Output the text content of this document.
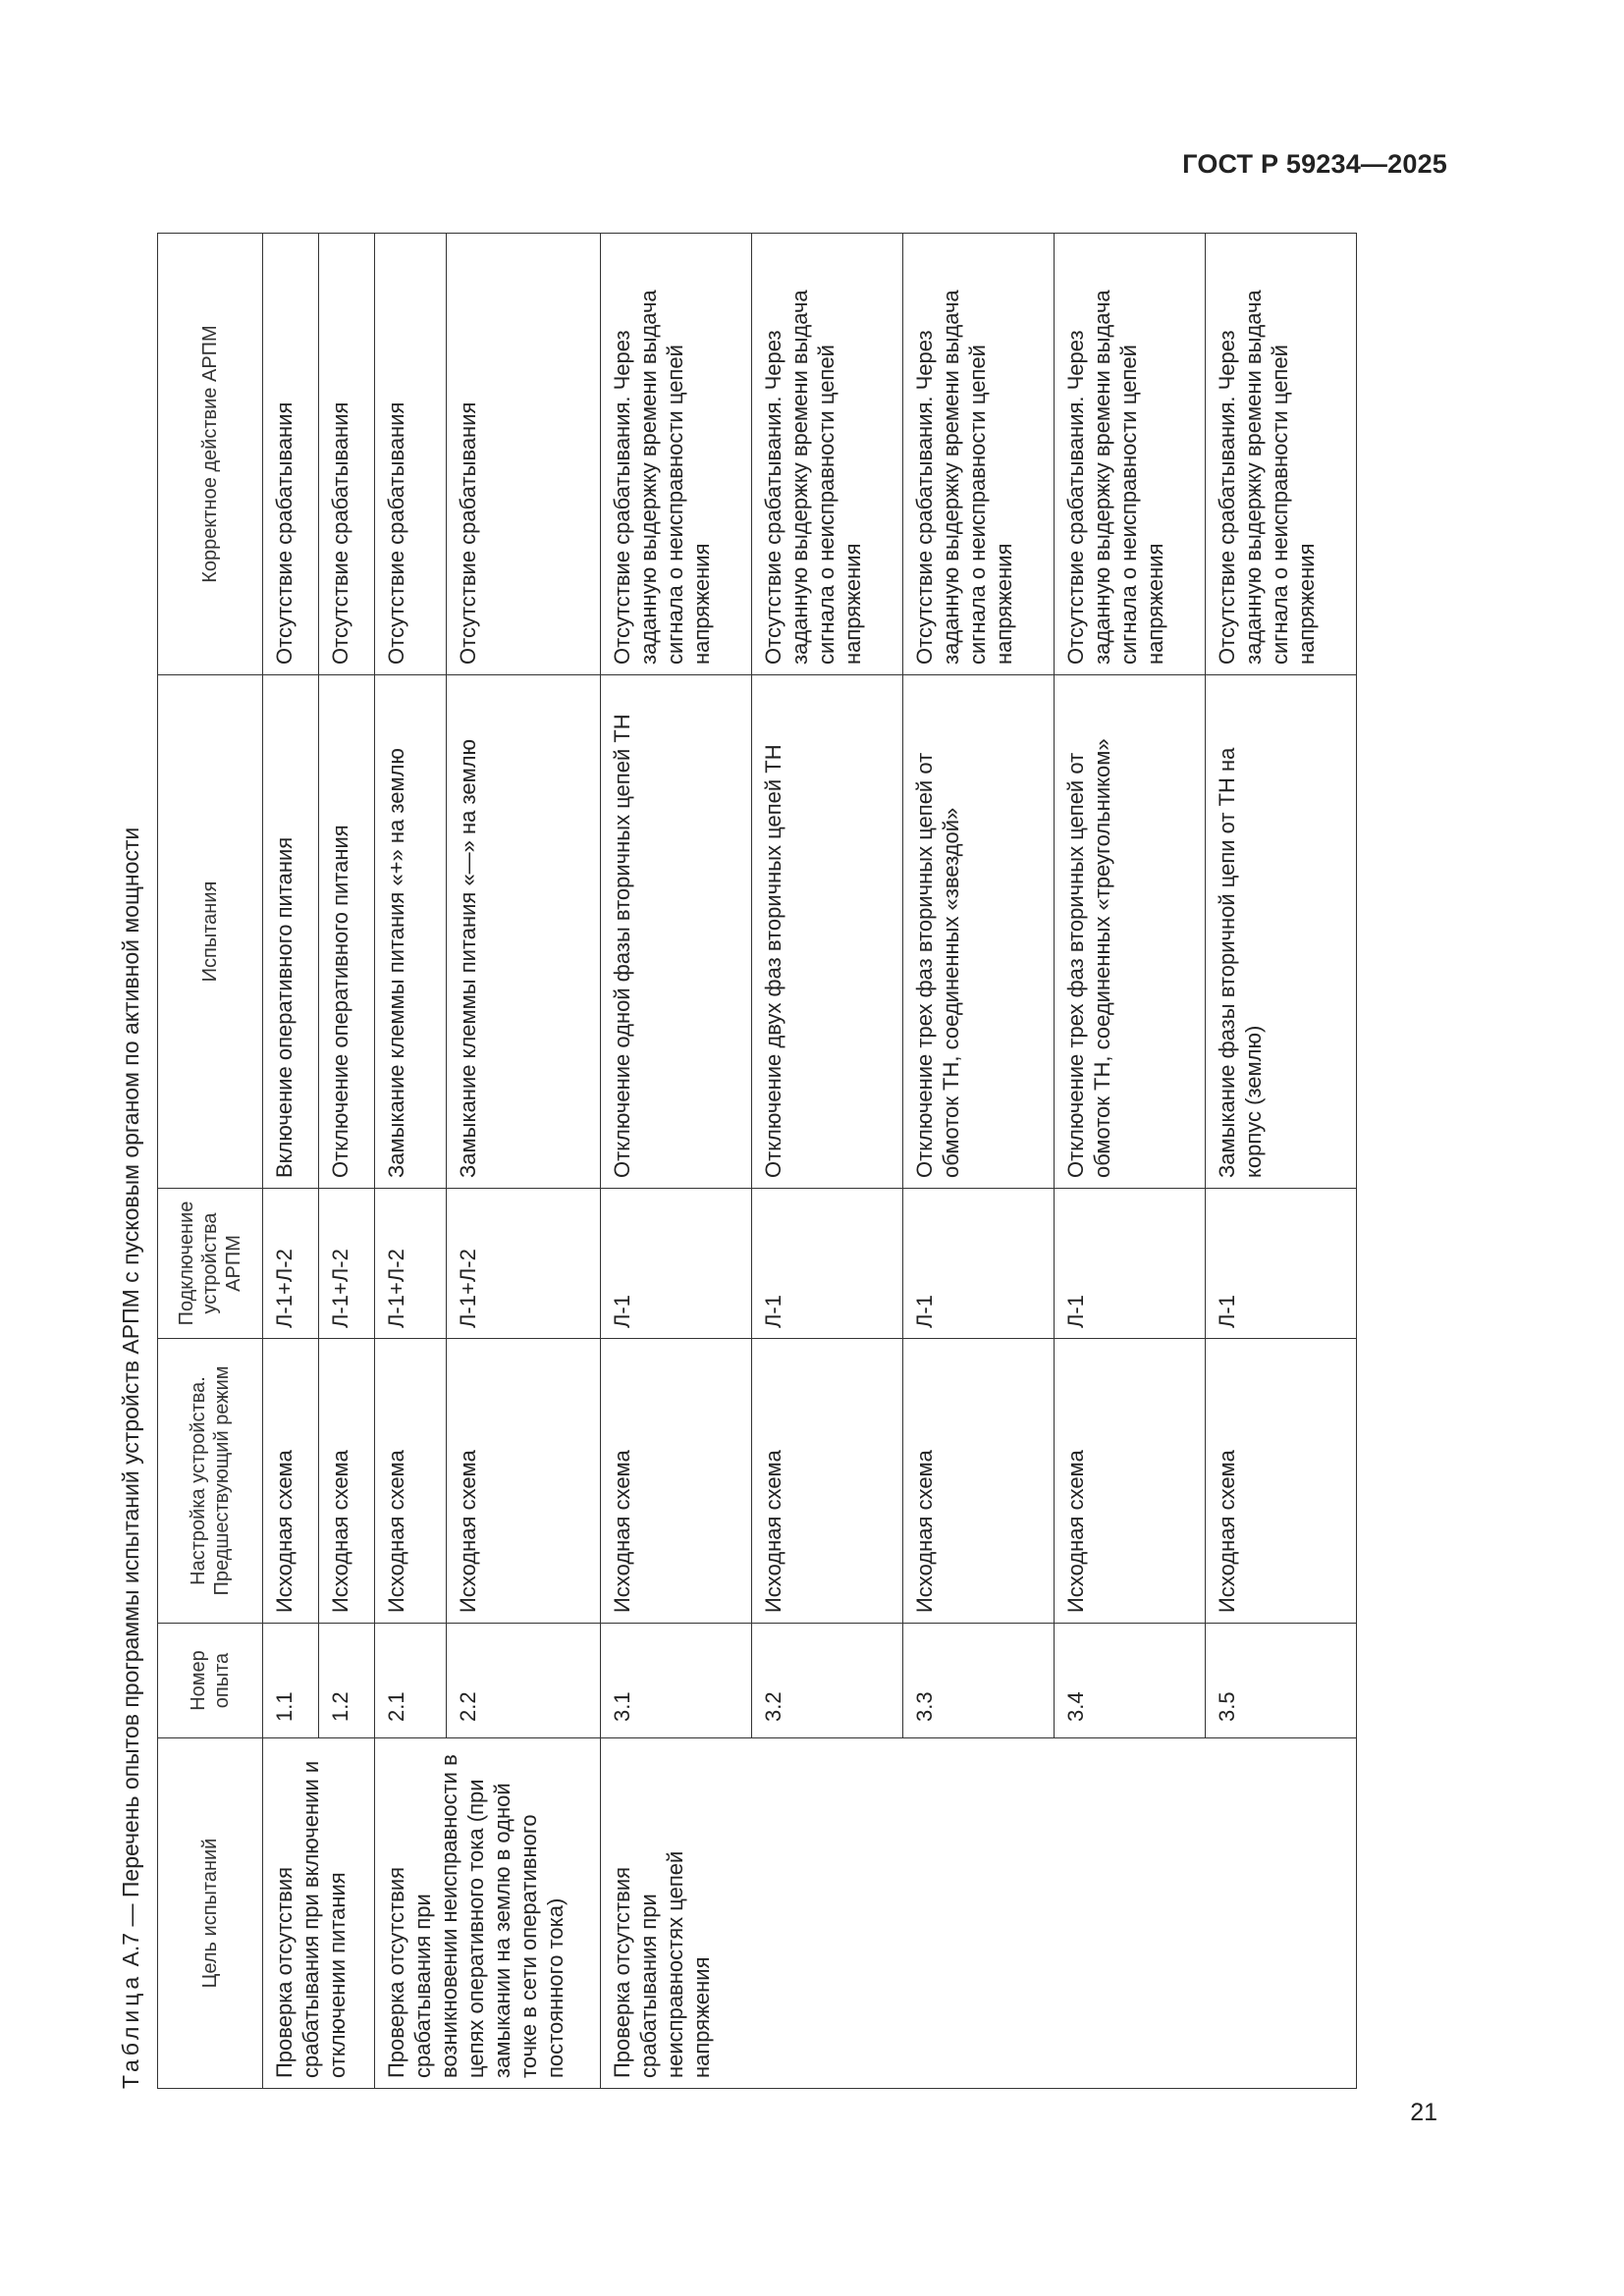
ГОСТ Р 59234—2025
Таблица А.7 — Перечень опытов программы испытаний устройств АРПМ с пусковым органом по активной мощности	Цель испытаний	Номер опыта	Настройка устройства. Предшествующий режим	Подключение устройства АРПМ	Испытания	Корректное действие АРПМ
Проверка отсутствия срабатывания при включении и отключении питания	1.1	Исходная схема	Л-1+Л-2	Включение оперативного питания	Отсутствие срабатывания
	1.2	Исходная схема	Л-1+Л-2	Отключение оперативного питания	Отсутствие срабатывания
Проверка отсутствия срабатывания при возникновении неисправности в цепях оперативного тока (при замыкании на землю в одной точке в сети оперативного постоянного тока)	2.1	Исходная схема	Л-1+Л-2	Замыкание клеммы питания «+» на землю	Отсутствие срабатывания
	2.2	Исходная схема	Л-1+Л-2	Замыкание клеммы питания «—» на землю	Отсутствие срабатывания
Проверка отсутствия срабатывания при неисправностях цепей напряжения	3.1	Исходная схема	Л-1	Отключение одной фазы вторичных цепей ТН	Отсутствие срабатывания. Через заданную выдержку времени выдача сигнала о неисправности цепей напряжения
	3.2	Исходная схема	Л-1	Отключение двух фаз вторичных цепей ТН	Отсутствие срабатывания. Через заданную выдержку времени выдача сигнала о неисправности цепей напряжения
	3.3	Исходная схема	Л-1	Отключение трех фаз вторичных цепей от обмоток ТН, соединенных «звездой»	Отсутствие срабатывания. Через заданную выдержку времени выдача сигнала о неисправности цепей напряжения
	3.4	Исходная схема	Л-1	Отключение трех фаз вторичных цепей от обмоток ТН, соединенных «треугольником»	Отсутствие срабатывания. Через заданную выдержку времени выдача сигнала о неисправности цепей напряжения
	3.5	Исходная схема	Л-1	Замыкание фазы вторичной цепи от ТН на корпус (землю)	Отсутствие срабатывания. Через заданную выдержку времени выдача сигнала о неисправности цепей напряжения
21
